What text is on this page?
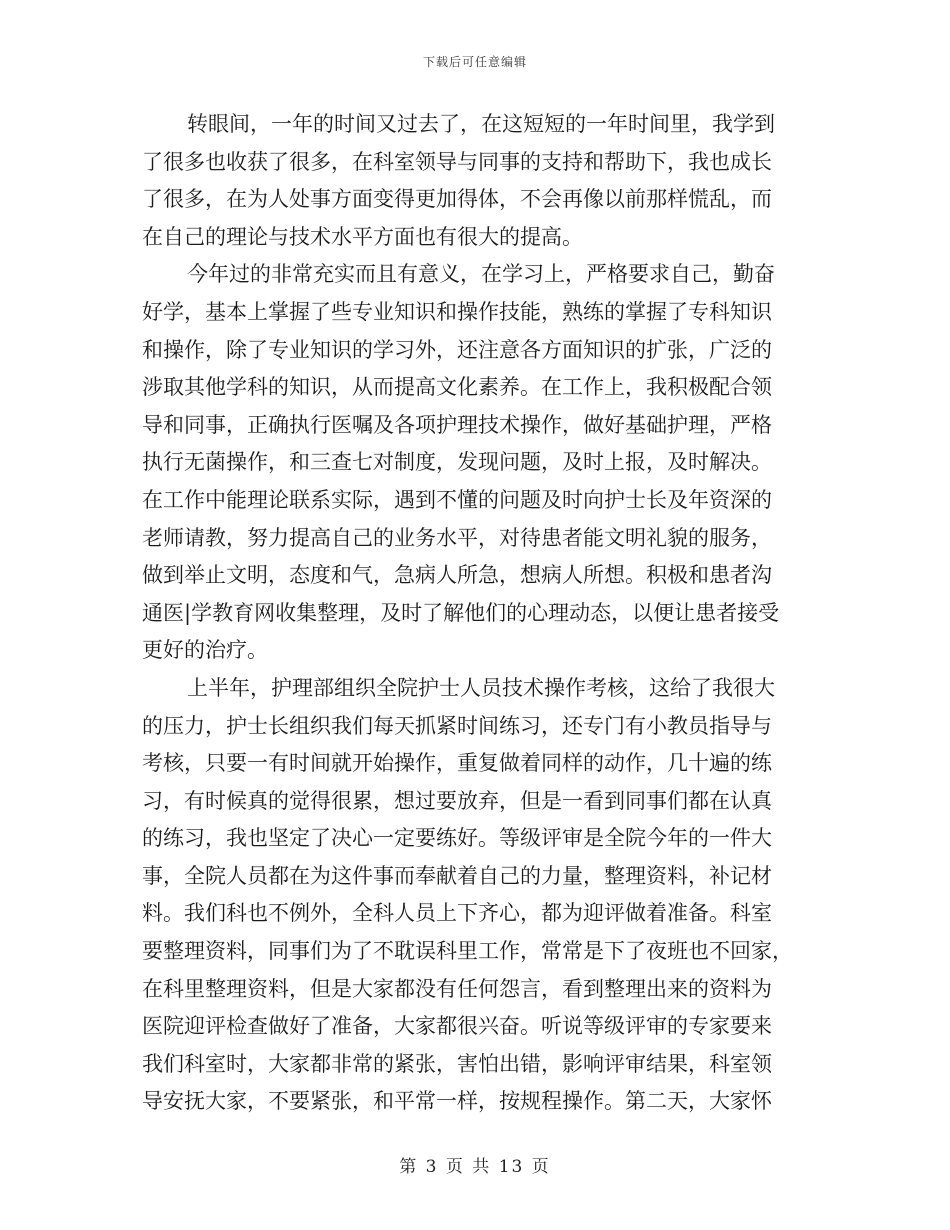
下载后可任意编辑
转眼间，一年的时间又过去了，在这短短的一年时间里，我学到
了很多也收获了很多，在科室领导与同事的支持和帮助下，我也成长
了很多，在为人处事方面变得更加得体，不会再像以前那样慌乱，而
在自己的理论与技术水平方面也有很大的提高。
今年过的非常充实而且有意义，在学习上，严格要求自己，勤奋
好学，基本上掌握了些专业知识和操作技能，熟练的掌握了专科知识
和操作，除了专业知识的学习外，还注意各方面知识的扩张，广泛的
涉取其他学科的知识，从而提高文化素养。在工作上，我积极配合领
导和同事，正确执行医嘱及各项护理技术操作，做好基础护理，严格
执行无菌操作，和三查七对制度，发现问题，及时上报，及时解决。
在工作中能理论联系实际，遇到不懂的问题及时向护士长及年资深的
老师请教，努力提高自己的业务水平，对待患者能文明礼貌的服务，
做到举止文明，态度和气，急病人所急，想病人所想。积极和患者沟
通医|学教育网收集整理，及时了解他们的心理动态，以便让患者接受
更好的治疗。
上半年，护理部组织全院护士人员技术操作考核，这给了我很大
的压力，护士长组织我们每天抓紧时间练习，还专门有小教员指导与
考核，只要一有时间就开始操作，重复做着同样的动作，几十遍的练
习，有时候真的觉得很累，想过要放弃，但是一看到同事们都在认真
的练习，我也坚定了决心一定要练好。等级评审是全院今年的一件大
事，全院人员都在为这件事而奉献着自己的力量，整理资料，补记材
料。我们科也不例外，全科人员上下齐心，都为迎评做着准备。科室
要整理资料，同事们为了不耽误科里工作，常常是下了夜班也不回家，
在科里整理资料，但是大家都没有任何怨言，看到整理出来的资料为
医院迎评检查做好了准备，大家都很兴奋。听说等级评审的专家要来
我们科室时，大家都非常的紧张，害怕出错，影响评审结果，科室领
导安抚大家，不要紧张，和平常一样，按规程操作。第二天，大家怀
第 3 页 共 13 页
